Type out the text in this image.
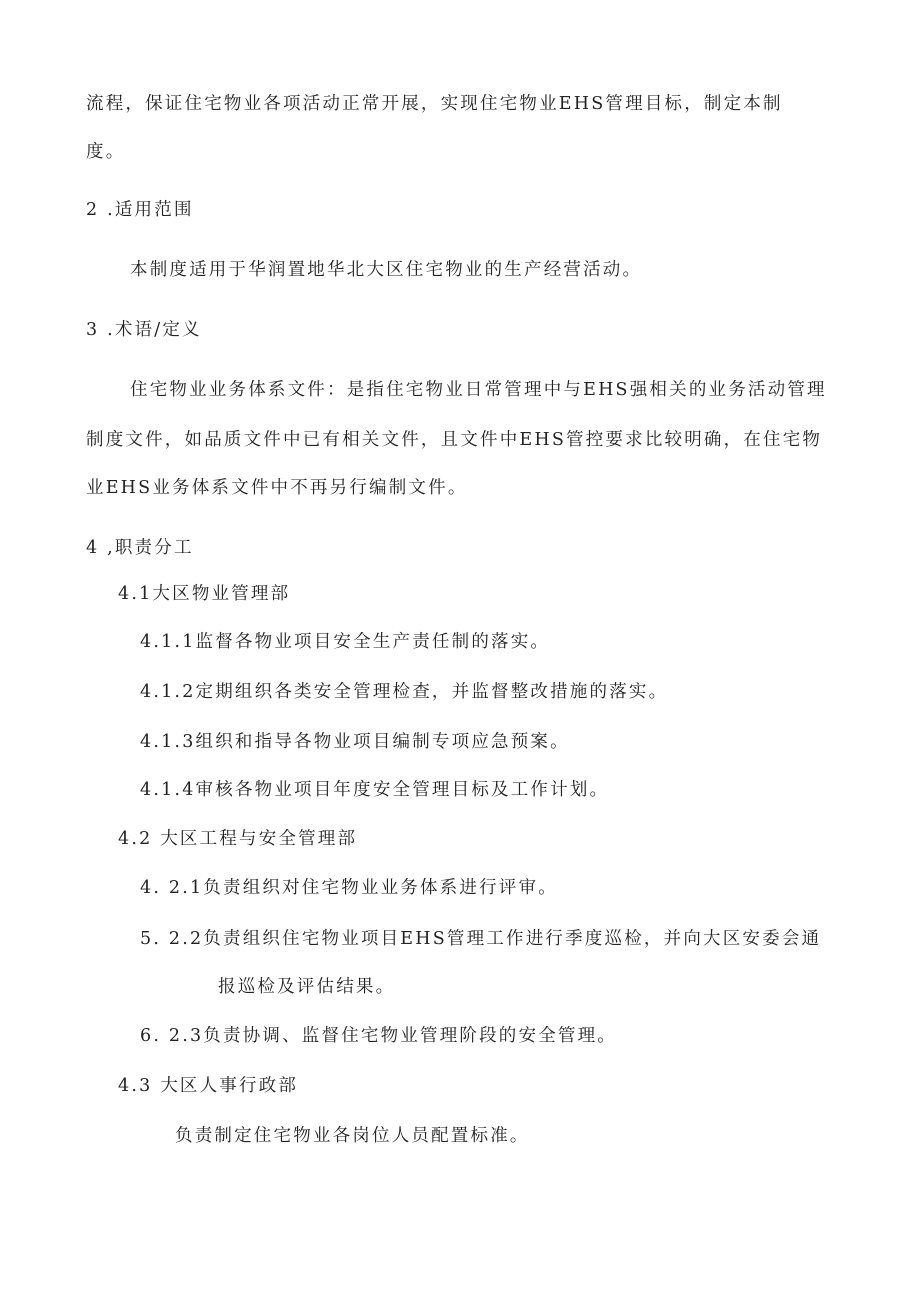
流程，保证住宅物业各项活动正常开展，实现住宅物业EHS管理目标，制定本制
度。
2 .适用范围
本制度适用于华润置地华北大区住宅物业的生产经营活动。
3 .术语/定义
住宅物业业务体系文件：是指住宅物业日常管理中与EHS强相关的业务活动管理
制度文件，如品质文件中已有相关文件，且文件中EHS管控要求比较明确，在住宅物
业EHS业务体系文件中不再另行编制文件。
4 ,职责分工
4.1大区物业管理部
4.1.1监督各物业项目安全生产责任制的落实。
4.1.2定期组织各类安全管理检查，并监督整改措施的落实。
4.1.3组织和指导各物业项目编制专项应急预案。
4.1.4审核各物业项目年度安全管理目标及工作计划。
4.2 大区工程与安全管理部
4. 2.1负责组织对住宅物业业务体系进行评审。
5. 2.2负责组织住宅物业项目EHS管理工作进行季度巡检，并向大区安委会通
报巡检及评估结果。
6. 2.3负责协调、监督住宅物业管理阶段的安全管理。
4.3 大区人事行政部
负责制定住宅物业各岗位人员配置标准。
